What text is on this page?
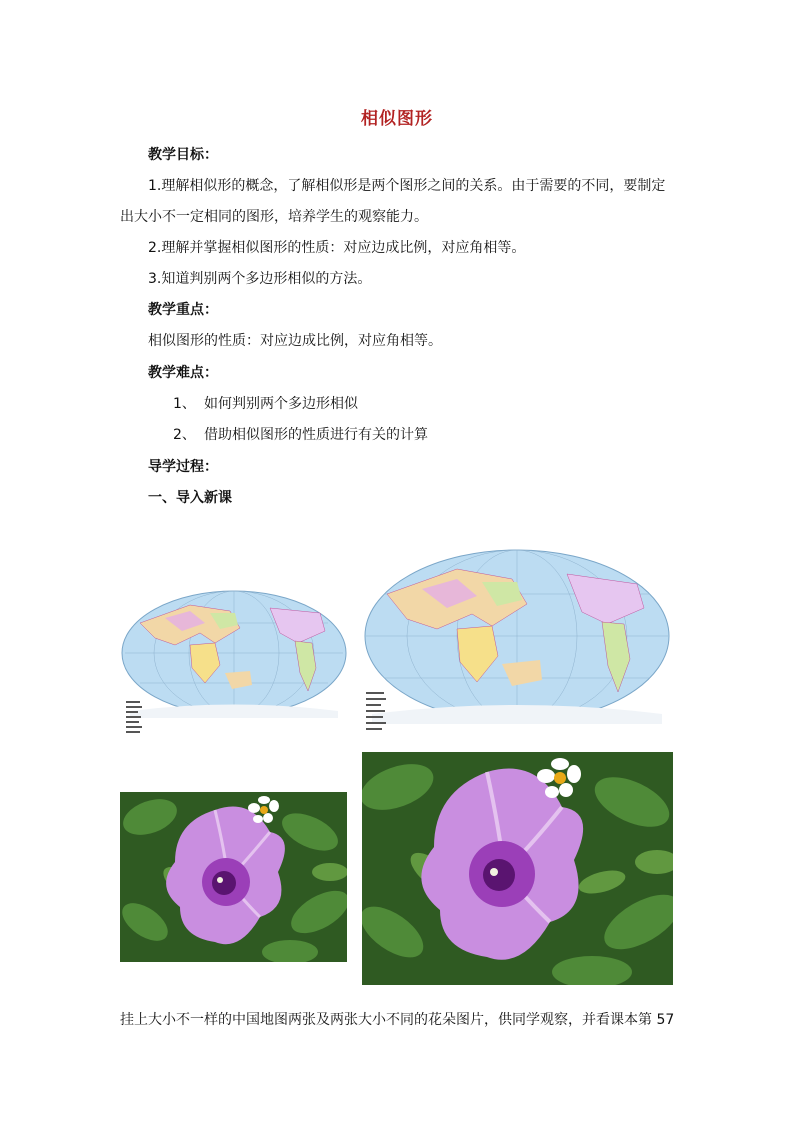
相似图形
教学目标：
1.理解相似形的概念，了解相似形是两个图形之间的关系。由于需要的不同，要制定
出大小不一定相同的图形，培养学生的观察能力。
2.理解并掌握相似图形的性质：对应边成比例，对应角相等。
3.知道判别两个多边形相似的方法。
教学重点：
相似图形的性质：对应边成比例，对应角相等。
教学难点：
1、 如何判别两个多边形相似
2、 借助相似图形的性质进行有关的计算
导学过程：
一、导入新课
挂上大小不一样的中国地图两张及两张大小不同的花朵图片，供同学观察，并看课本第 57
